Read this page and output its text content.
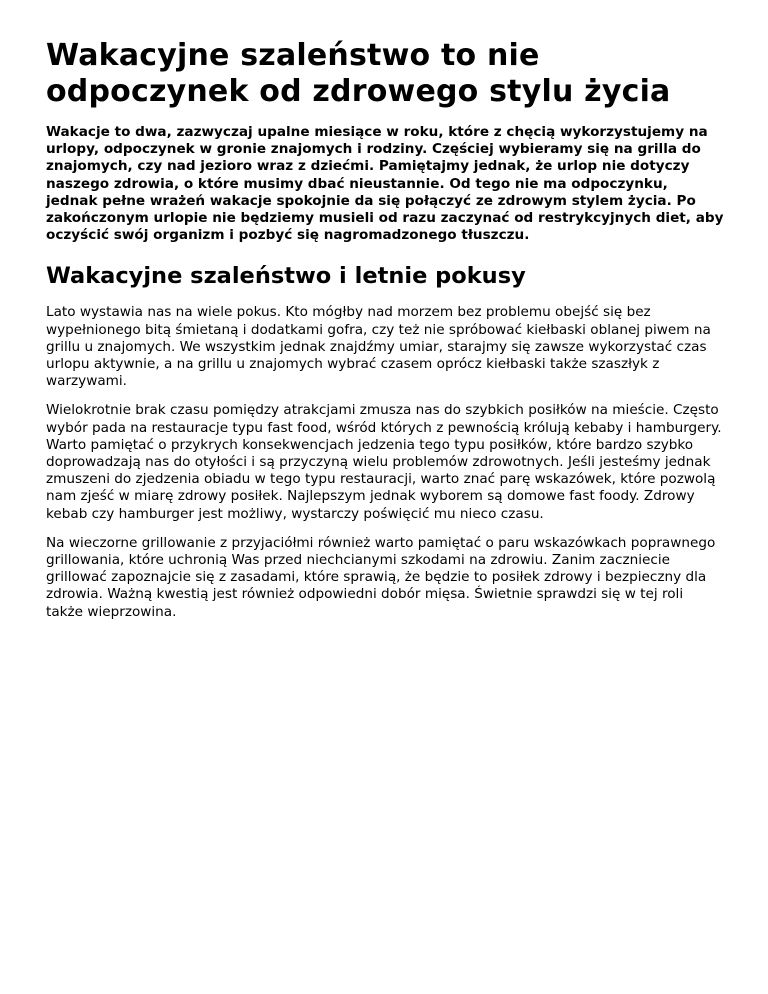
Wakacyjne szaleństwo to nie odpoczynek od zdrowego stylu życia

Wakacje to dwa, zazwyczaj upalne miesiące w roku, które z chęcią wykorzystujemy na urlopy, odpoczynek w gronie znajomych i rodziny. Częściej wybieramy się na grilla do znajomych, czy nad jezioro wraz z dziećmi. Pamiętajmy jednak, że urlop nie dotyczy naszego zdrowia, o które musimy dbać nieustannie. Od tego nie ma odpoczynku, jednak pełne wrażeń wakacje spokojnie da się połączyć ze zdrowym stylem życia. Po zakończonym urlopie nie będziemy musieli od razu zaczynać od restrykcyjnych diet, aby oczyścić swój organizm i pozbyć się nagromadzonego tłuszczu.

Wakacyjne szaleństwo i letnie pokusy

Lato wystawia nas na wiele pokus. Kto mógłby nad morzem bez problemu obejść się bez wypełnionego bitą śmietaną i dodatkami gofra, czy też nie spróbować kiełbaski oblanej piwem na grillu u znajomych. We wszystkim jednak znajdźmy umiar, starajmy się zawsze wykorzystać czas urlopu aktywnie, a na grillu u znajomych wybrać czasem oprócz kiełbaski także szaszłyk z warzywami.

Wielokrotnie brak czasu pomiędzy atrakcjami zmusza nas do szybkich posiłków na mieście. Często wybór pada na restauracje typu fast food, wśród których z pewnością królują kebaby i hamburgery. Warto pamiętać o przykrych konsekwencjach jedzenia tego typu posiłków, które bardzo szybko doprowadzają nas do otyłości i są przyczyną wielu problemów zdrowotnych. Jeśli jesteśmy jednak zmuszeni do zjedzenia obiadu w tego typu restauracji, warto znać parę wskazówek, które pozwolą nam zjeść w miarę zdrowy posiłek. Najlepszym jednak wyborem są domowe fast foody. Zdrowy kebab czy hamburger jest możliwy, wystarczy poświęcić mu nieco czasu.

Na wieczorne grillowanie z przyjaciółmi również warto pamiętać o paru wskazówkach poprawnego grillowania, które uchronią Was przed niechcianymi szkodami na zdrowiu. Zanim zaczniecie grillować zapoznajcie się z zasadami, które sprawią, że będzie to posiłek zdrowy i bezpieczny dla zdrowia. Ważną kwestią jest również odpowiedni dobór mięsa. Świetnie sprawdzi się w tej roli także wieprzowina.
